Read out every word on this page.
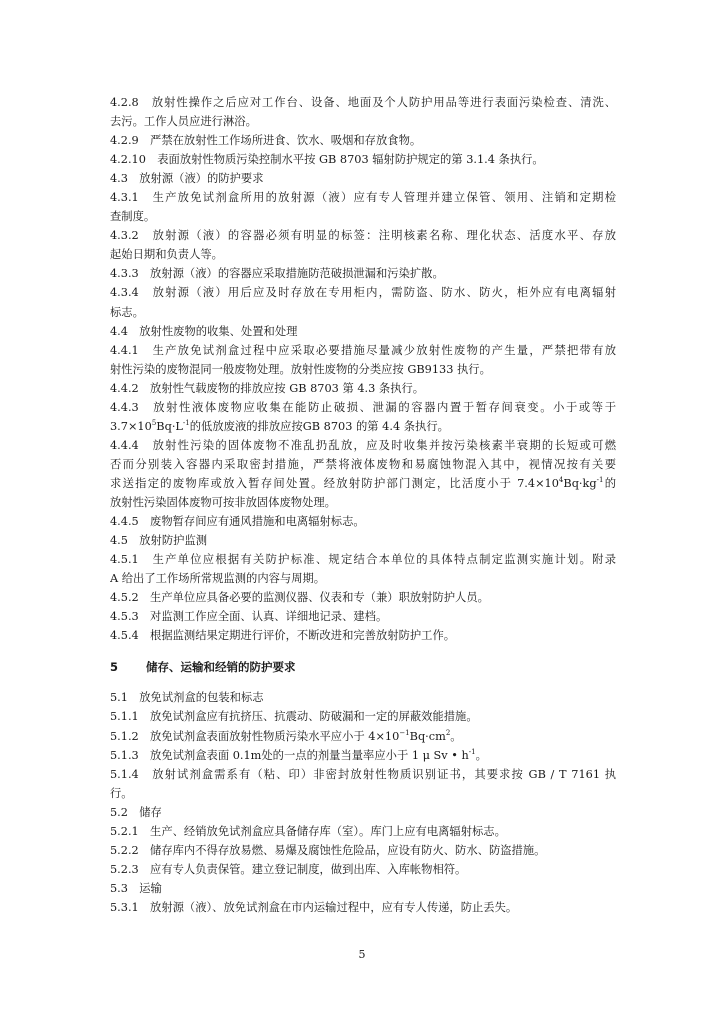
4.2.8　放射性操作之后应对工作台、设备、地面及个人防护用品等进行表面污染检查、清洗、
去污。工作人员应进行淋浴。
4.2.9　严禁在放射性工作场所进食、饮水、吸烟和存放食物。
4.2.10　表面放射性物质污染控制水平按 GB 8703 辐射防护规定的第 3.1.4 条执行。
4.3　放射源（液）的防护要求
4.3.1　生产放免试剂盒所用的放射源（液）应有专人管理并建立保管、领用、注销和定期检
查制度。
4.3.2　放射源（液）的容器必须有明显的标签：注明核素名称、理化状态、活度水平、存放
起始日期和负责人等。
4.3.3　放射源（液）的容器应采取措施防范破损泄漏和污染扩散。
4.3.4　放射源（液）用后应及时存放在专用柜内，需防盗、防水、防火，柜外应有电离辐射
标志。
4.4　放射性废物的收集、处置和处理
4.4.1　生产放免试剂盒过程中应采取必要措施尽量减少放射性废物的产生量，严禁把带有放
射性污染的废物混同一般废物处理。放射性废物的分类应按 GB9133 执行。
4.4.2　放射性气载废物的排放应按 GB 8703 第 4.3 条执行。
4.4.3　放射性液体废物应收集在能防止破损、泄漏的容器内置于暂存间衰变。小于或等于
$3.7\times 10^5Bq\cdot L^{-1}$的低放废液的排放应按GB 8703 的第 4.4 条执行。
4.4.4　放射性污染的固体废物不准乱扔乱放，应及时收集并按污染核素半衰期的长短或可燃
否而分别装入容器内采取密封措施，严禁将液体废物和易腐蚀物混入其中，视情况按有关要
求送指定的废物库或放入暂存间处置。经放射防护部门测定，比活度小于 $7.4\times 10^4Bq\cdot kg^{-1}$的
放射性污染固体废物可按非放固体废物处理。
4.4.5　废物暂存间应有通风措施和电离辐射标志。
4.5　放射防护监测
4.5.1　生产单位应根据有关防护标准、规定结合本单位的具体特点制定监测实施计划。附录
A 给出了工作场所常规监测的内容与周期。
4.5.2　生产单位应具备必要的监测仪器、仪表和专（兼）职放射防护人员。
4.5.3　对监测工作应全面、认真、详细地记录、建档。
4.5.4　根据监测结果定期进行评价，不断改进和完善放射防护工作。
5 储存、运输和经销的防护要求
5.1　放免试剂盒的包装和标志
5.1.1　放免试剂盒应有抗挤压、抗震动、防破漏和一定的屏蔽效能措施。
5.1.2　放免试剂盒表面放射性物质污染水平应小于 $4\times 10^{-1}Bq\cdot cm^2$。
5.1.3　放免试剂盒表面 0.1m处的一点的剂量当量率应小于 1 μ Sv • $h^{-1}$。
5.1.4　放射试剂盒需系有（粘、印）非密封放射性物质识别证书，其要求按 GB / T 7161 执
行。
5.2　储存
5.2.1　生产、经销放免试剂盒应具备储存库（室）。库门上应有电离辐射标志。
5.2.2　储存库内不得存放易燃、易爆及腐蚀性危险品，应设有防火、防水、防盗措施。
5.2.3　应有专人负责保管。建立登记制度，做到出库、入库帐物相符。
5.3　运输
5.3.1　放射源（液）、放免试剂盒在市内运输过程中，应有专人传递，防止丢失。
5
